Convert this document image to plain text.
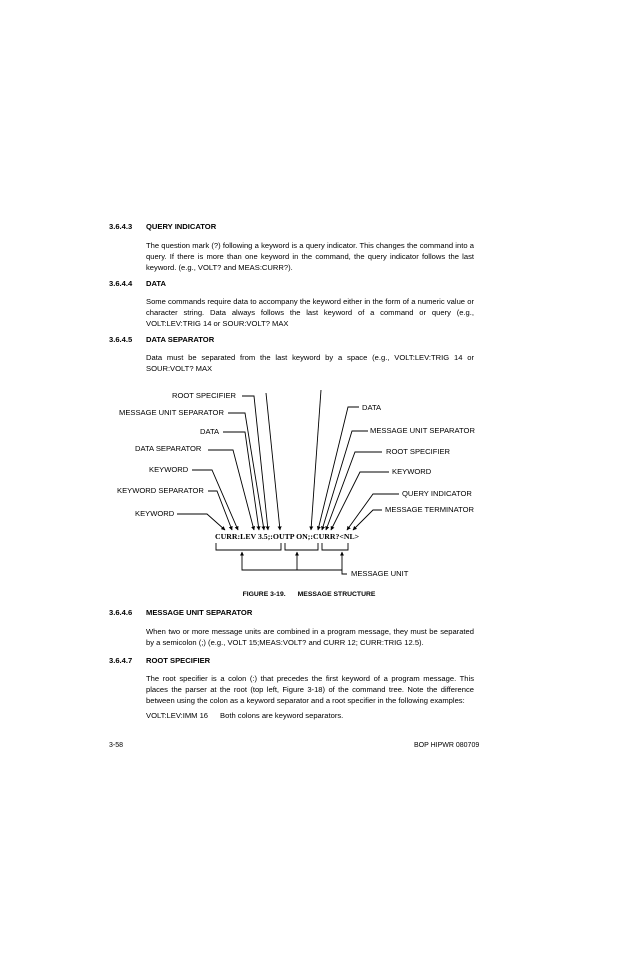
3.6.4.3 QUERY INDICATOR

The question mark (?) following a keyword is a query indicator. This changes the command into a query. If there is more than one keyword in the command, the query indicator follows the last keyword. (e.g., VOLT? and MEAS:CURR?).

3.6.4.4 DATA

Some commands require data to accompany the keyword either in the form of a numeric value or character string. Data always follows the last keyword of a command or query (e.g., VOLT:LEV:TRIG 14 or SOUR:VOLT? MAX

3.6.4.5 DATA SEPARATOR

Data must be separated from the last keyword by a space (e.g., VOLT:LEV:TRIG 14 or SOUR:VOLT? MAX

ROOT SPECIFIER
MESSAGE UNIT SEPARATOR
DATA
DATA SEPARATOR
KEYWORD
KEYWORD SEPARATOR
KEYWORD
DATA
MESSAGE UNIT SEPARATOR
ROOT SPECIFIER
KEYWORD
QUERY INDICATOR
MESSAGE TERMINATOR
CURR:LEV 3.5;:OUTP ON;:CURR?<NL>
MESSAGE UNIT
FIGURE 3-19. MESSAGE STRUCTURE
3.6.4.6 MESSAGE UNIT SEPARATOR

When two or more message units are combined in a program message, they must be separated by a semicolon (;) (e.g., VOLT 15;MEAS:VOLT? and CURR 12; CURR:TRIG 12.5).

3.6.4.7 ROOT SPECIFIER

The root specifier is a colon (:) that precedes the first keyword of a program message. This places the parser at the root (top left, Figure 3-18) of the command tree. Note the difference between using the colon as a keyword separator and a root specifier in the following examples:

VOLT:LEV:IMM 16 Both colons are keyword separators.
3-58	BOP HIPWR 080709
